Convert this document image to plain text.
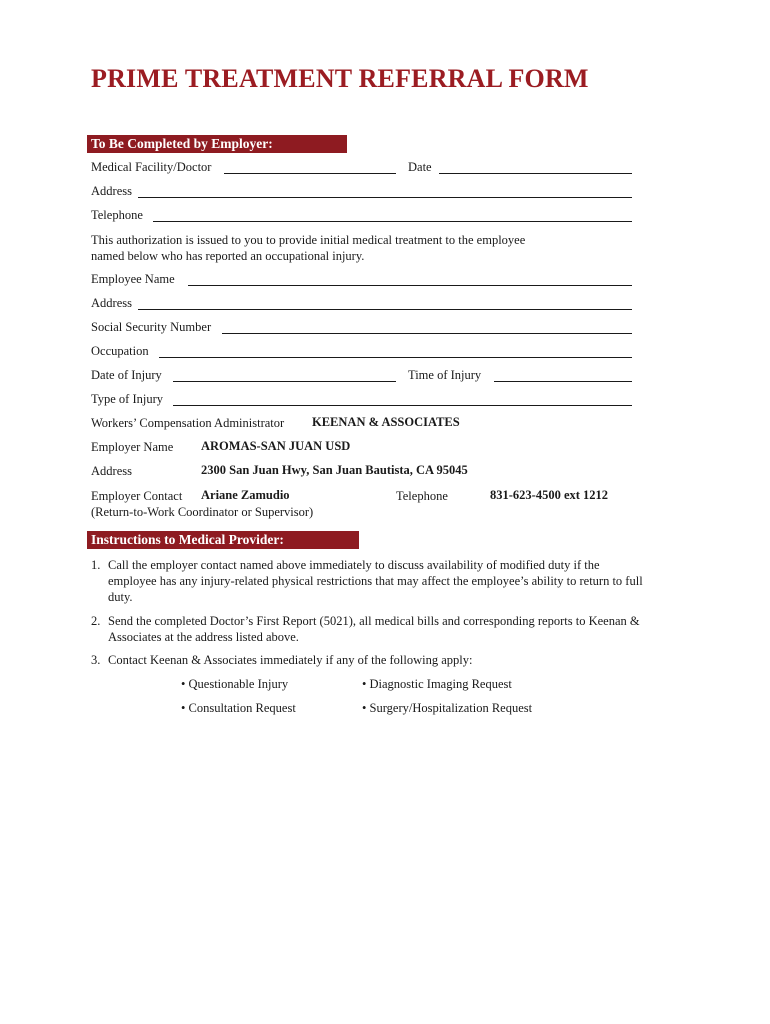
PRIME TREATMENT REFERRAL FORM
To Be Completed by Employer:
Medical Facility/Doctor	Date
Address
Telephone
This authorization is issued to you to provide initial medical treatment to the employee
named below who has reported an occupational injury.
Employee Name
Address
Social Security Number
Occupation
Date of Injury	Time of Injury
Type of Injury
Workers’ Compensation Administrator KEENAN & ASSOCIATES
Employer Name AROMAS-SAN JUAN USD
Address	2300 San Juan Hwy, San Juan Bautista, CA 95045
Employer Contact Ariane Zamudio	Telephone	831-623-4500 ext 1212
(Return-to-Work Coordinator or Supervisor)
Instructions to Medical Provider:
1. Call the employer contact named above immediately to discuss availability of modified duty if the
employee has any injury-related physical restrictions that may affect the employee’s ability to return to full
duty.
2. Send the completed Doctor’s First Report (5021), all medical bills and corresponding reports to Keenan &
Associates at the address listed above.
3. Contact Keenan & Associates immediately if any of the following apply:
• Questionable Injury	• Diagnostic Imaging Request
• Consultation Request	• Surgery/Hospitalization Request
